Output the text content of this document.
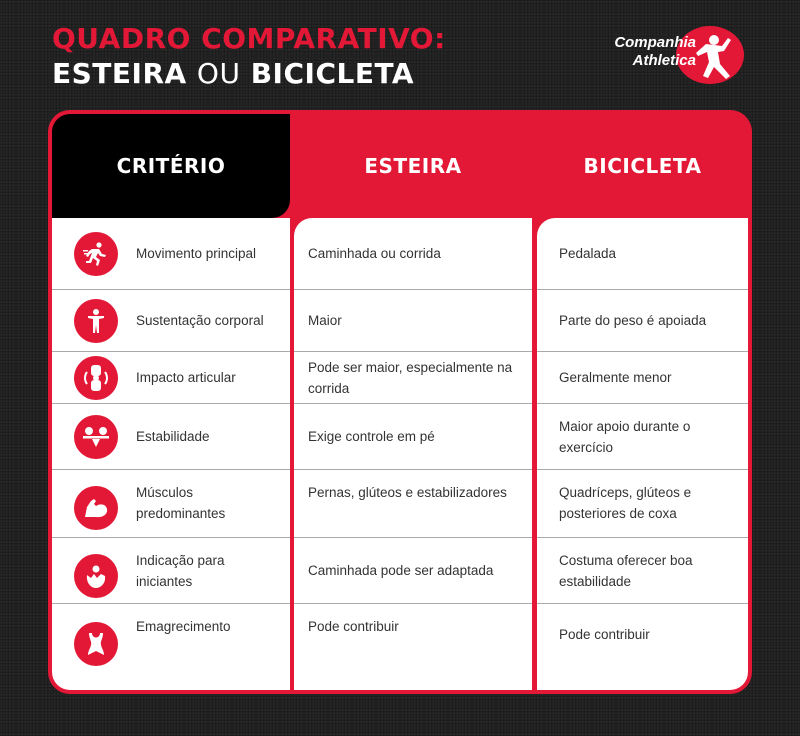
QUADRO COMPARATIVO:
ESTEIRA OU BICICLETA
Companhia
Athletica
CRITÉRIO
Movimento principal
Sustentação corporal
Impacto articular
Estabilidade
Músculos predominantes
Indicação para iniciantes
Emagrecimento
ESTEIRA
Caminhada ou corrida
Maior
Pode ser maior, especialmente na corrida
Exige controle em pé
Pernas, glúteos e estabilizadores
Caminhada pode ser adaptada
Pode contribuir
BICICLETA
Pedalada
Parte do peso é apoiada
Geralmente menor
Maior apoio durante o exercício
Quadríceps, glúteos e posteriores de coxa
Costuma oferecer boa estabilidade
Pode contribuir
